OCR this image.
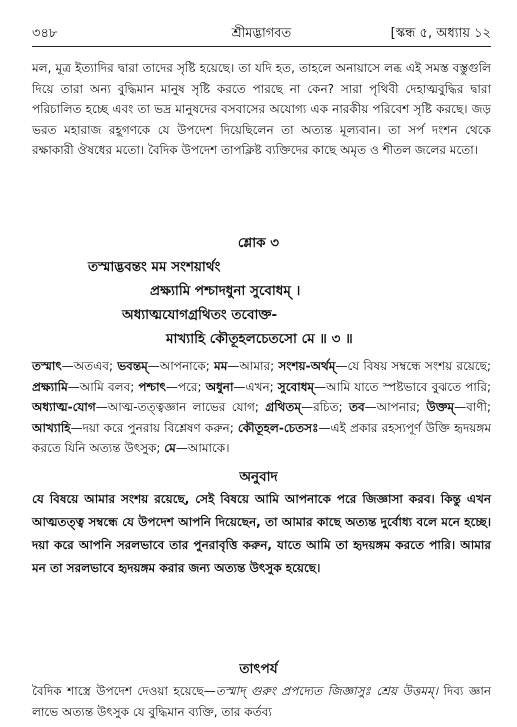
৩৪৮	শ্রীমদ্ভাগবত	[স্কন্ধ ৫, অধ্যায় ১২
মল, মূত্র ইত্যাদির দ্বারা তাদের সৃষ্টি হয়েছে। তা যদি হত, তাহলে অনায়াসে লব্ধ এই সমস্ত বস্তুগুলি দিয়ে তারা অন্য বুদ্ধিমান মানুষ সৃষ্টি করতে পারছে না কেন? সারা পৃথিবী দেহাত্মবুদ্ধির দ্বারা পরিচালিত হচ্ছে এবং তা ভদ্র মানুষদের বসবাসের অযোগ্য এক নারকীয় পরিবেশ সৃষ্টি করছে। জড় ভরত মহারাজ রহূগণকে যে উপদেশ দিয়েছিলেন তা অত্যন্ত মূল্যবান। তা সর্প দংশন থেকে রক্ষাকারী ঔষধের মতো। বৈদিক উপদেশ তাপক্লিষ্ট ব্যক্তিদের কাছে অমৃত ও শীতল জলের মতো।
শ্লোক ৩
তস্মাদ্ভবন্তং মম সংশয়ার্থং
প্রক্ষ্যামি পশ্চাদধুনা সুবোধম্ ।
অধ্যাত্মযোগগ্রথিতং তবোক্ত-
মাখ্যাহি কৌতূহলচেতসো মে ॥ ৩ ॥
তস্মাৎ—অতএব; ভবন্তম্—আপনাকে; মম—আমার; সংশয়-অর্থম্—যে বিষয় সম্বন্ধে সংশয় রয়েছে; প্রক্ষ্যামি—আমি বলব; পশ্চাৎ—পরে; অধুনা—এখন; সুবোধম্—আমি যাতে স্পষ্টভাবে বুঝতে পারি; অধ্যাত্ম-যোগ—আত্ম-তত্ত্বজ্ঞান লাভের যোগ; গ্রথিতম্—রচিত; তব—আপনার; উক্তম্—বাণী; আখ্যাহি—দয়া করে পুনরায় বিশ্লেষণ করুন; কৌতূহল-চেতসঃ—এই প্রকার রহস্যপূর্ণ উক্তি হৃদয়ঙ্গম করতে যিনি অত্যন্ত উৎসুক; মে—আমাকে।
অনুবাদ
যে বিষয়ে আমার সংশয় রয়েছে, সেই বিষয়ে আমি আপনাকে পরে জিজ্ঞাসা করব। কিন্তু এখন আত্মতত্ত্ব সম্বন্ধে যে উপদেশ আপনি দিয়েছেন, তা আমার কাছে অত্যন্ত দুর্বোধ্য বলে মনে হচ্ছে। দয়া করে আপনি সরলভাবে তার পুনরাবৃত্তি করুন, যাতে আমি তা হৃদয়ঙ্গম করতে পারি। আমার মন তা সরলভাবে হৃদয়ঙ্গম করার জন্য অত্যন্ত উৎসুক হয়েছে।
তাৎপর্য
বৈদিক শাস্ত্রে উপদেশ দেওয়া হয়েছে—তস্মাদ্ গুরুং প্রপদ্যেত জিজ্ঞাসুঃ শ্রেয় উত্তমম্। দিব্য জ্ঞান লাভে অত্যন্ত উৎসুক যে বুদ্ধিমান ব্যক্তি, তার কর্তব্য
